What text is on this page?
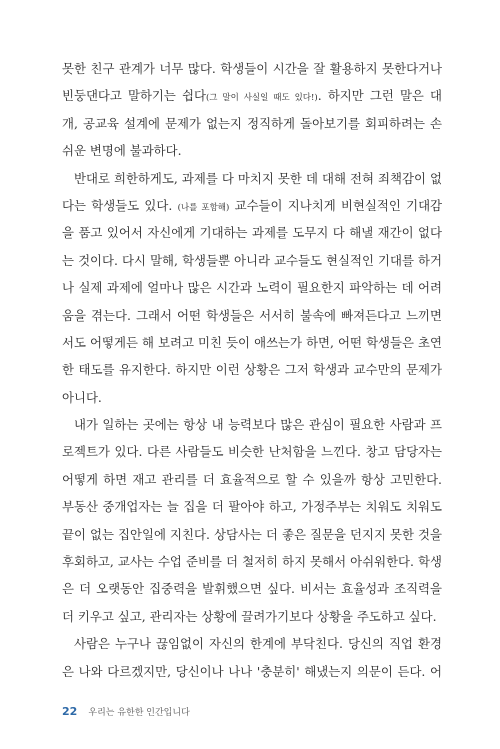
못한 친구 관계가 너무 많다. 학생들이 시간을 잘 활용하지 못한다거나
빈둥댄다고 말하기는 쉽다(그 말이 사실일 때도 있다!). 하지만 그런 말은 대
개, 공교육 설계에 문제가 없는지 정직하게 돌아보기를 회피하려는 손
쉬운 변명에 불과하다.
반대로 희한하게도, 과제를 다 마치지 못한 데 대해 전혀 죄책감이 없
다는 학생들도 있다. (나를 포함해) 교수들이 지나치게 비현실적인 기대감
을 품고 있어서 자신에게 기대하는 과제를 도무지 다 해낼 재간이 없다
는 것이다. 다시 말해, 학생들뿐 아니라 교수들도 현실적인 기대를 하거
나 실제 과제에 얼마나 많은 시간과 노력이 필요한지 파악하는 데 어려
움을 겪는다. 그래서 어떤 학생들은 서서히 불속에 빠져든다고 느끼면
서도 어떻게든 해 보려고 미친 듯이 애쓰는가 하면, 어떤 학생들은 초연
한 태도를 유지한다. 하지만 이런 상황은 그저 학생과 교수만의 문제가
아니다.
내가 일하는 곳에는 항상 내 능력보다 많은 관심이 필요한 사람과 프
로젝트가 있다. 다른 사람들도 비슷한 난처함을 느낀다. 창고 담당자는
어떻게 하면 재고 관리를 더 효율적으로 할 수 있을까 항상 고민한다.
부동산 중개업자는 늘 집을 더 팔아야 하고, 가정주부는 치워도 치워도
끝이 없는 집안일에 지친다. 상담사는 더 좋은 질문을 던지지 못한 것을
후회하고, 교사는 수업 준비를 더 철저히 하지 못해서 아쉬워한다. 학생
은 더 오랫동안 집중력을 발휘했으면 싶다. 비서는 효율성과 조직력을
더 키우고 싶고, 관리자는 상황에 끌려가기보다 상황을 주도하고 싶다.
사람은 누구나 끊임없이 자신의 한계에 부닥친다. 당신의 직업 환경
은 나와 다르겠지만, 당신이나 나나 '충분히' 해냈는지 의문이 든다. 어
22 우리는 유한한 인간입니다
